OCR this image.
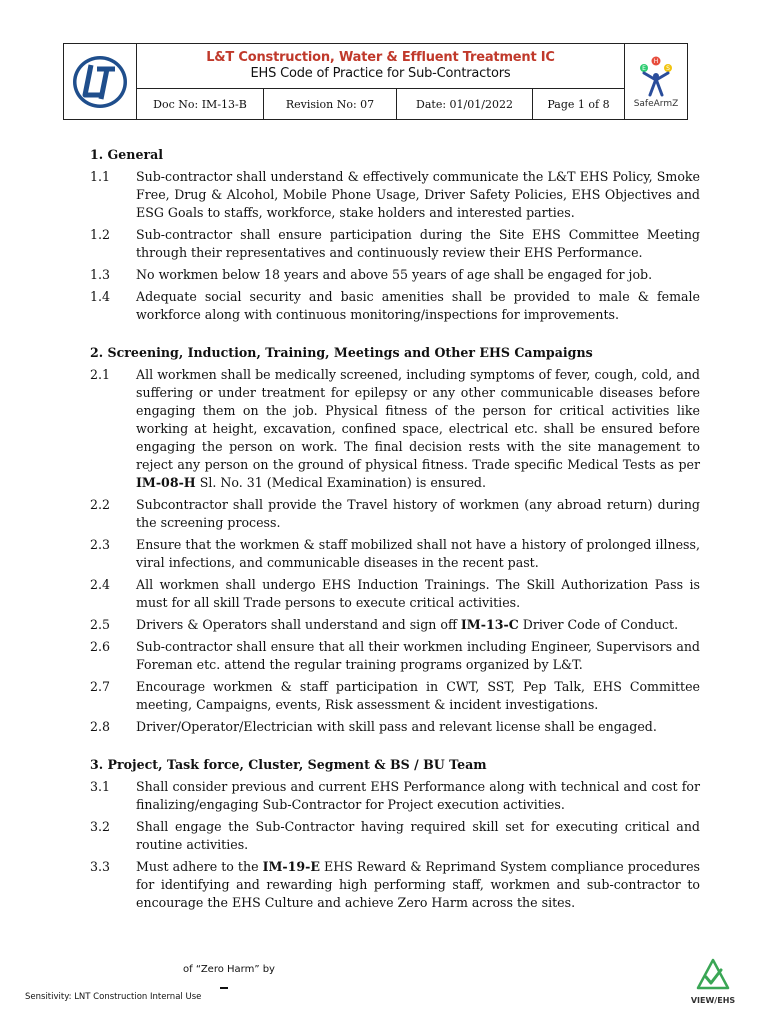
L&T Construction, Water & Effluent Treatment IC
EHS Code of Practice for Sub-Contractors
Doc No: IM-13-B	Revision No: 07	Date: 01/01/2022	Page 1 of 8
H
E	S
SafeArmZ
1. General
1.1	Sub-contractor shall understand & effectively communicate the L&T EHS Policy, Smoke Free, Drug & Alcohol, Mobile Phone Usage, Driver Safety Policies, EHS Objectives and ESG Goals to staffs, workforce, stake holders and interested parties.
1.2	Sub-contractor shall ensure participation during the Site EHS Committee Meeting through their representatives and continuously review their EHS Performance.
1.3	No workmen below 18 years and above 55 years of age shall be engaged for job.
1.4	Adequate social security and basic amenities shall be provided to male & female workforce along with continuous monitoring/inspections for improvements.
2. Screening, Induction, Training, Meetings and Other EHS Campaigns
2.1	All workmen shall be medically screened, including symptoms of fever, cough, cold, and suffering or under treatment for epilepsy or any other communicable diseases before engaging them on the job. Physical fitness of the person for critical activities like working at height, excavation, confined space, electrical etc. shall be ensured before engaging the person on work. The final decision rests with the site management to reject any person on the ground of physical fitness. Trade specific Medical Tests as per IM-08-H Sl. No. 31 (Medical Examination) is ensured.
2.2	Subcontractor shall provide the Travel history of workmen (any abroad return) during the screening process.
2.3	Ensure that the workmen & staff mobilized shall not have a history of prolonged illness, viral infections, and communicable diseases in the recent past.
2.4	All workmen shall undergo EHS Induction Trainings. The Skill Authorization Pass is must for all skill Trade persons to execute critical activities.
2.5	Drivers & Operators shall understand and sign off IM-13-C Driver Code of Conduct.
2.6	Sub-contractor shall ensure that all their workmen including Engineer, Supervisors and Foreman etc. attend the regular training programs organized by L&T.
2.7	Encourage workmen & staff participation in CWT, SST, Pep Talk, EHS Committee meeting, Campaigns, events, Risk assessment & incident investigations.
2.8	Driver/Operator/Electrician with skill pass and relevant license shall be engaged.
3. Project, Task force, Cluster, Segment & BS / BU Team
3.1	Shall consider previous and current EHS Performance along with technical and cost for finalizing/engaging Sub-Contractor for Project execution activities.
3.2	Shall engage the Sub-Contractor having required skill set for executing critical and routine activities.
3.3	Must adhere to the IM-19-E EHS Reward & Reprimand System compliance procedures for identifying and rewarding high performing staff, workmen and sub-contractor to encourage the EHS Culture and achieve Zero Harm across the sites.
of “Zero Harm” by
Sensitivity: LNT Construction Internal Use	VIEW/EHS
